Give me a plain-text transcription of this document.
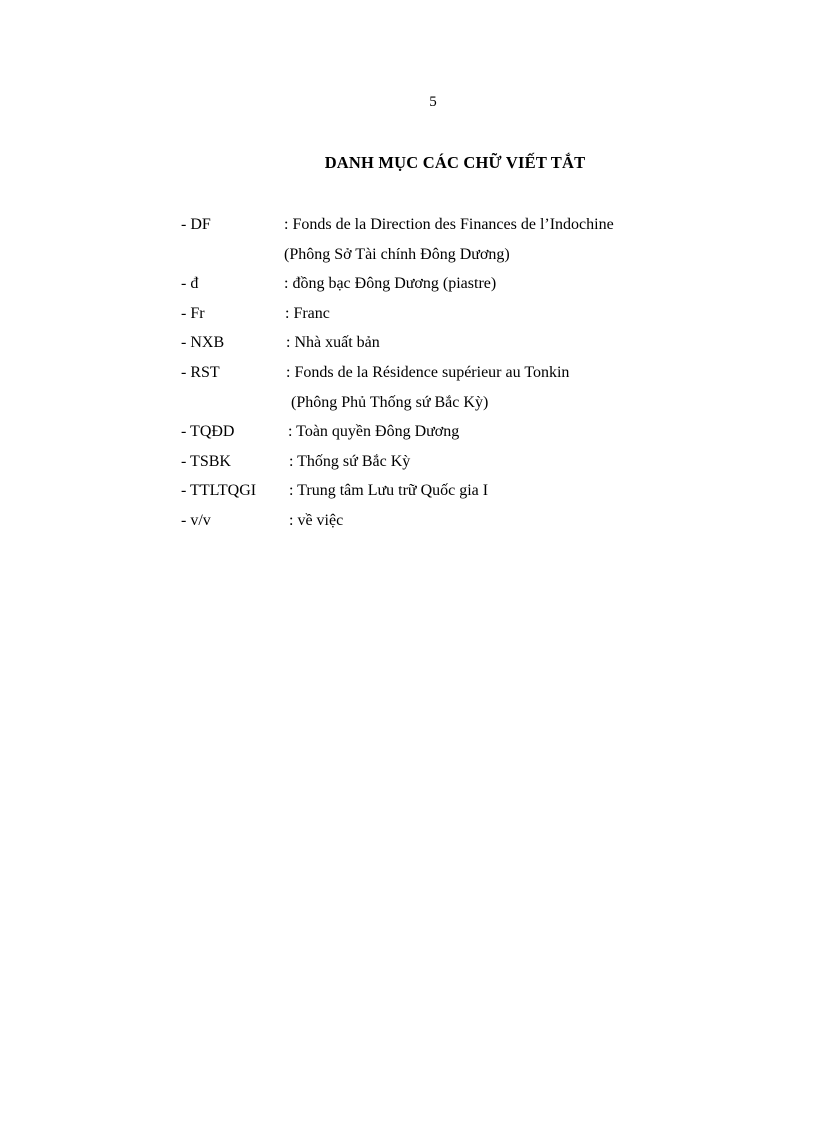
5
DANH MỤC CÁC CHỮ VIẾT TẮT
- DF	: Fonds de la Direction des Finances de l’Indochine
(Phông Sở Tài chính Đông Dương)
- đ	: đồng bạc Đông Dương (piastre)
- Fr	: Franc
- NXB	: Nhà xuất bản
- RST	: Fonds de la Résidence supérieur au Tonkin
(Phông Phủ Thống sứ Bắc Kỳ)
- TQĐD	: Toàn quyền Đông Dương
- TSBK	: Thống sứ Bắc Kỳ
- TTLTQGI : Trung tâm Lưu trữ Quốc gia I
- v/v	: về việc
